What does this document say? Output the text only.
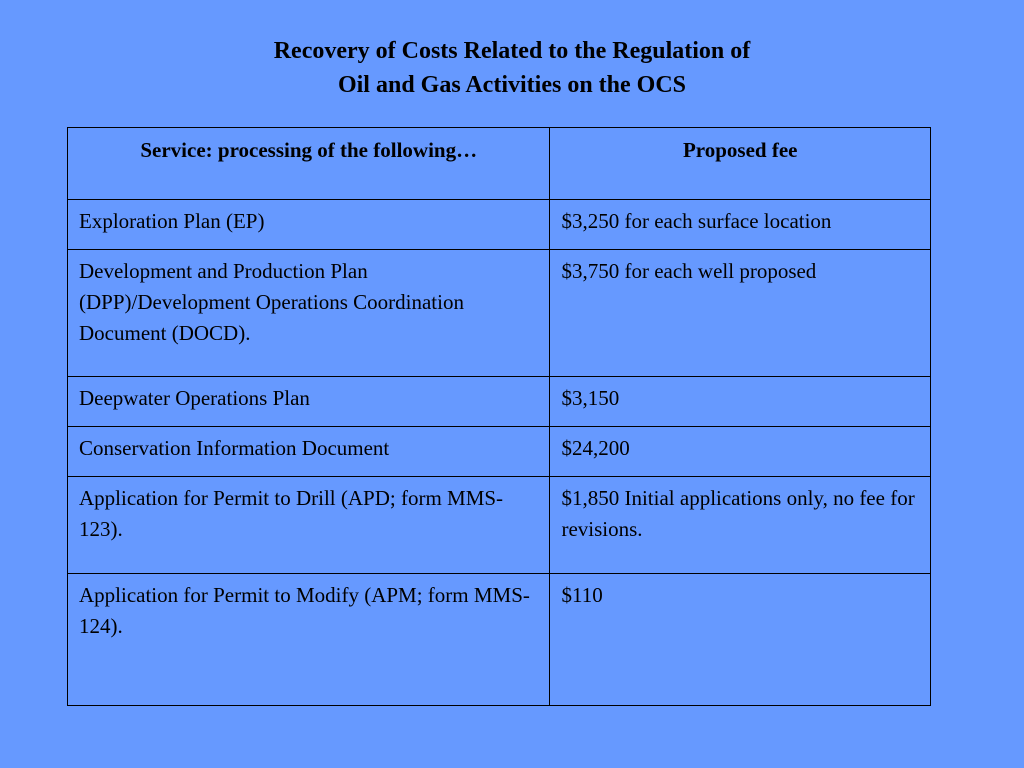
Recovery of Costs Related to the Regulation of
Oil and Gas Activities on the OCS
Service: processing of the following…	Proposed fee
Exploration Plan (EP)	$3,250 for each surface location
Development and Production Plan (DPP)/Development Operations Coordination Document (DOCD).	$3,750 for each well proposed
Deepwater Operations Plan	$3,150
Conservation Information Document	$24,200
Application for Permit to Drill (APD; form MMS-123).	$1,850 Initial applications only, no fee for revisions.
Application for Permit to Modify (APM; form MMS-124).	$110
